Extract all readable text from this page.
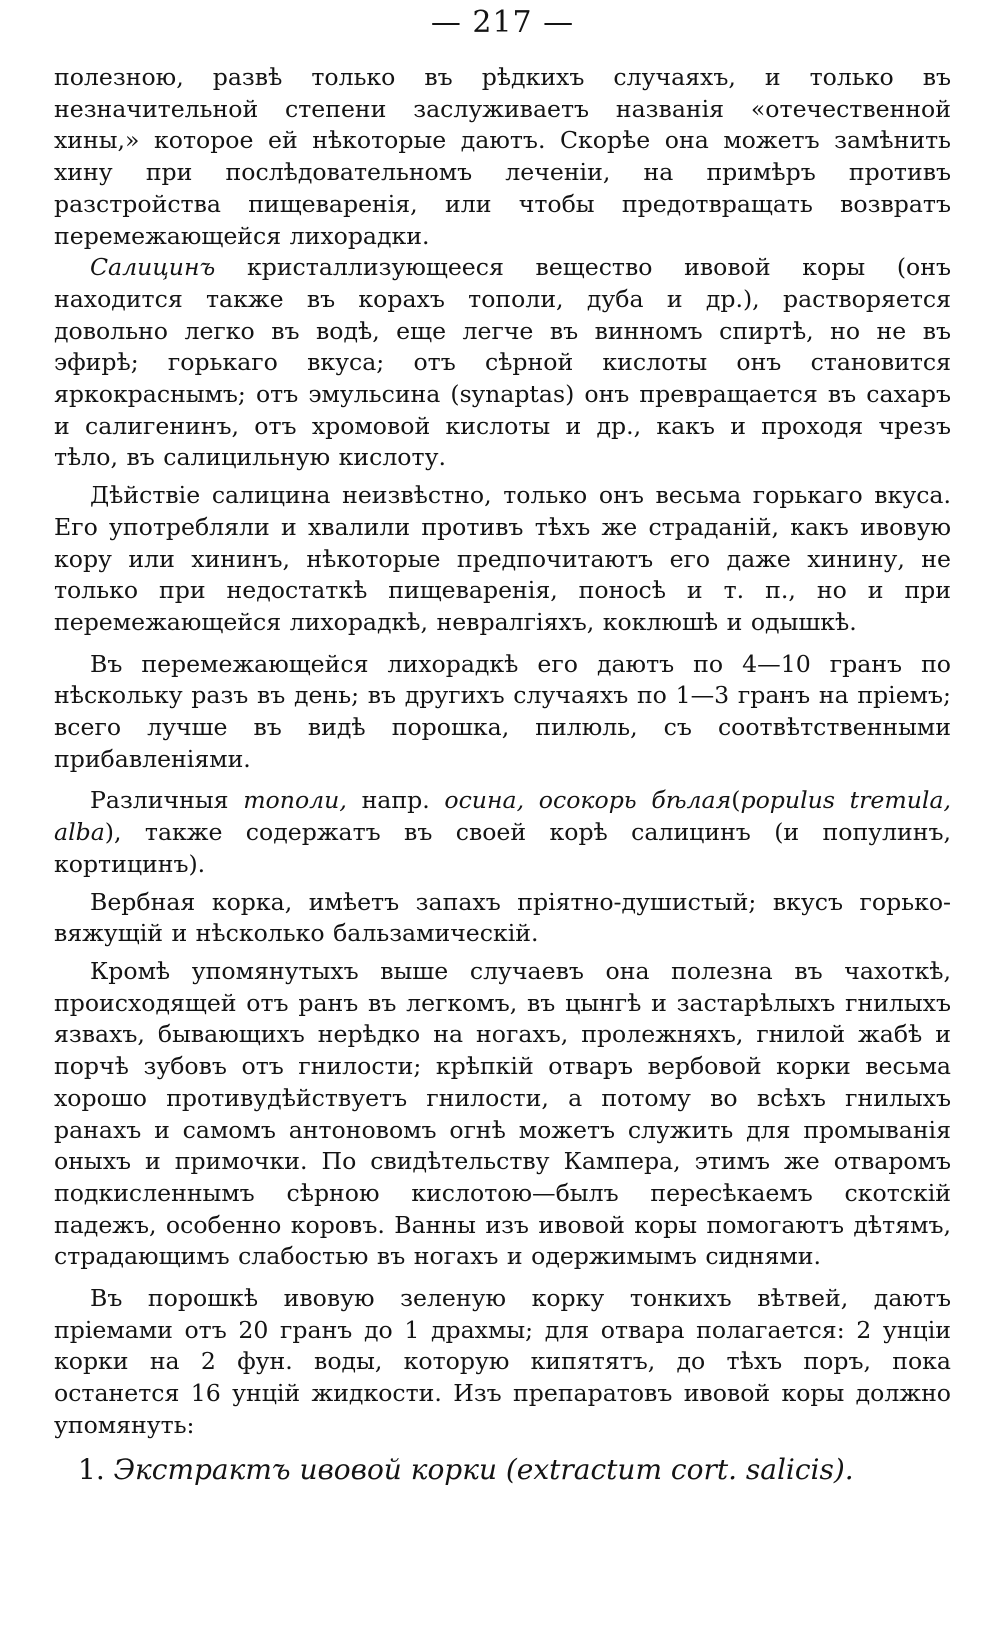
— 217 —

полезною, развѣ только въ рѣдкихъ случаяхъ, и только въ незначительной степени заслуживаетъ названія «отечественной хины,» которое ей нѣкоторые даютъ. Скорѣе она можетъ замѣнить хину при послѣдовательномъ леченіи, на примѣръ противъ разстройства пищеваренія, или чтобы предотвращать возвратъ перемежающейся лихорадки.

Салицинъ кристаллизующееся вещество ивовой коры (онъ находится также въ корахъ тополи, дуба и др.), растворяется довольно легко въ водѣ, еще легче въ винномъ спиртѣ, но не въ эфирѣ; горькаго вкуса; отъ сѣрной кислоты онъ становится яркокраснымъ; отъ эмульсина (synaptas) онъ превращается въ сахаръ и салигенинъ, отъ хромовой кислоты и др., какъ и проходя чрезъ тѣло, въ салицильную кислоту.

Дѣйствіе салицина неизвѣстно, только онъ весьма горькаго вкуса. Его употребляли и хвалили противъ тѣхъ же страданій, какъ ивовую кору или хининъ, нѣкоторые предпочитаютъ его даже хинину, не только при недостаткѣ пищеваренія, поносѣ и т. п., но и при перемежающейся лихорадкѣ, невралгіяхъ, коклюшѣ и одышкѣ.

Въ перемежающейся лихорадкѣ его даютъ по 4—10 гранъ по нѣскольку разъ въ день; въ другихъ случаяхъ по 1—3 гранъ на пріемъ; всего лучше въ видѣ порошка, пилюль, съ соотвѣтственными прибавленіями.

Различныя тополи, напр. осина, осокорь бѣлая(populus tremula, alba), также содержатъ въ своей корѣ салицинъ (и популинъ, кортицинъ).

Вербная корка, имѣетъ запахъ пріятно-душистый; вкусъ горько-вяжущій и нѣсколько бальзамическій.

Кромѣ упомянутыхъ выше случаевъ она полезна въ чахоткѣ, происходящей отъ ранъ въ легкомъ, въ цынгѣ и застарѣлыхъ гнилыхъ язвахъ, бывающихъ нерѣдко на ногахъ, пролежняхъ, гнилой жабѣ и порчѣ зубовъ отъ гнилости; крѣпкій отваръ вербовой корки весьма хорошо противудѣйствуетъ гнилости, а потому во всѣхъ гнилыхъ ранахъ и самомъ антоновомъ огнѣ можетъ служить для промыванія оныхъ и примочки. По свидѣтельству Кампера, этимъ же отваромъ подкисленнымъ сѣрною кислотою—былъ пересѣкаемъ скотскій падежъ, особенно коровъ. Ванны изъ ивовой коры помогаютъ дѣтямъ, страдающимъ слабостью въ ногахъ и одержимымъ сиднями.

Въ порошкѣ ивовую зеленую корку тонкихъ вѣтвей, даютъ пріемами отъ 20 гранъ до 1 драхмы; для отвара полагается: 2 унціи корки на 2 фун. воды, которую кипятятъ, до тѣхъ поръ, пока останется 16 унцій жидкости. Изъ препаратовъ ивовой коры должно упомянуть:

1. Экстрактъ ивовой корки (extractum cort. salicis).
